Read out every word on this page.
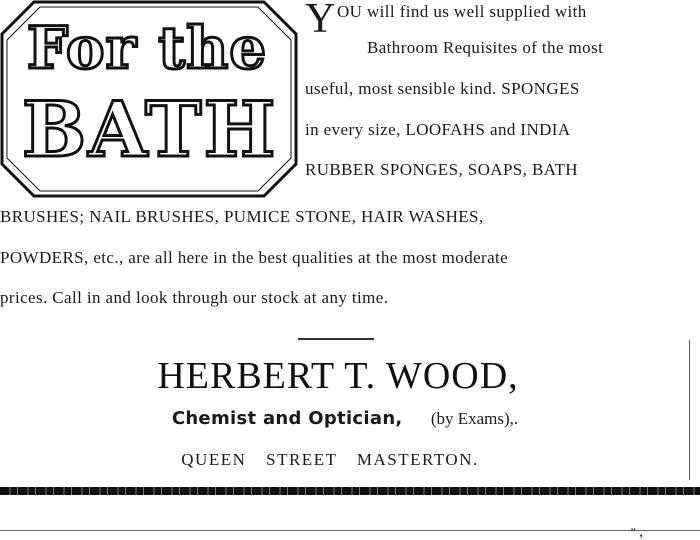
For the
BATH
Y OU will find us well supplied with
Bathroom Requisites of the most
useful, most sensible kind. SPONGES
in every size, LOOFAHS and INDIA
RUBBER SPONGES, SOAPS, BATH
BRUSHES; NAIL BRUSHES, PUMICE STONE, HAIR WASHES,
POWDERS, etc., are all here in the best qualities at the most moderate
prices. Call in and look through our stock at any time.
HERBERT T. WOOD,
Chemist and Optician, (by Exams),.
QUEEN STREET MASTERTON.
" ,
